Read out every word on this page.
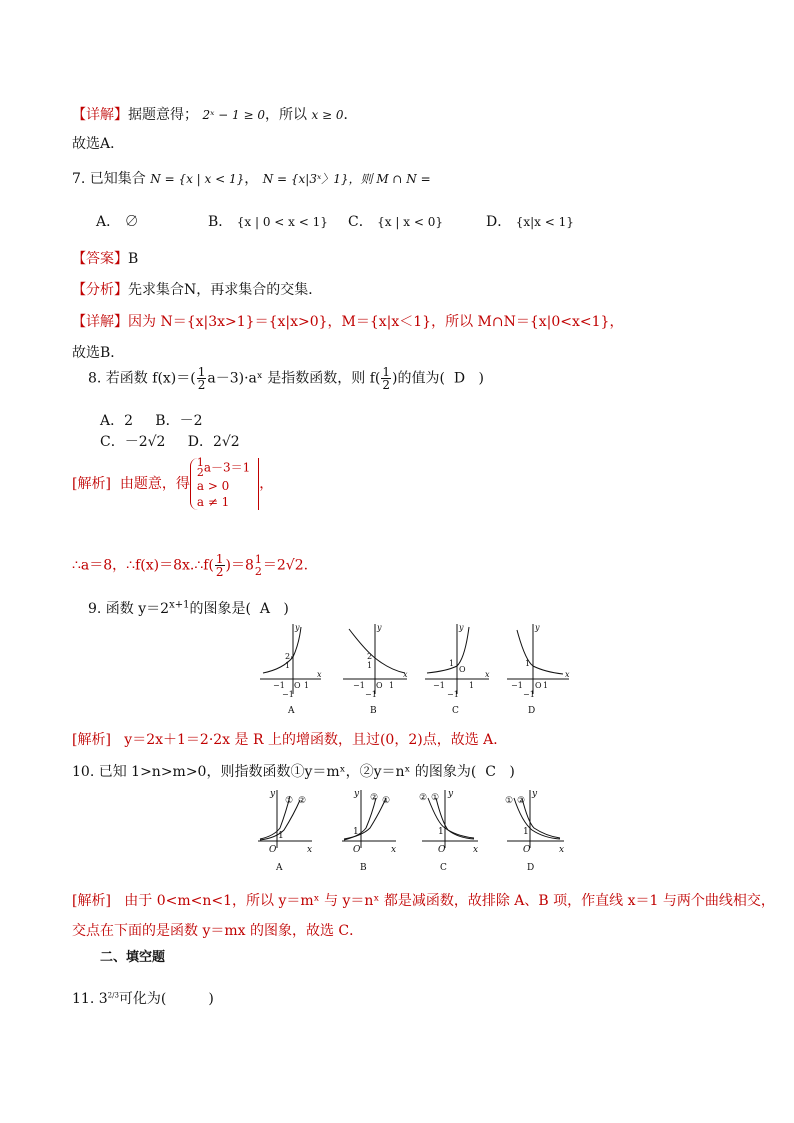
【详解】据题意得； 2ˣ − 1 ≥ 0，所以 x ≥ 0．
故选A．
7. 已知集合 N = {x | x < 1}， N = {x|3ˣ〉1}，则 M ∩ N =
A． ∅	B． {x | 0 < x < 1} C． {x | x < 0}	D． {x|x < 1}
【答案】B
【分析】先求集合N，再求集合的交集．
【详解】因为 N＝{x|3x>1}＝{x|x>0}，M＝{x|x＜1}，所以 M∩N＝{x|0<x<1}，
故选B．
8. 若函数 $f(x)=( \frac{1}{2}$ a－3)·aˣ 是指数函数，则 $f( \frac{1}{2}$ )的值为( D )
A．2 B．－2
C．－2√2 D．2√2
[解析] 由题意，得
1
2 a－3＝1
a > 0
a ≠ 1
，
∴a＝8，∴f(x)＝8x.∴f( $\frac{1}{2} )=8$ 1
2 ＝2√2.
9. 函数 $y=2^{x+1}$的图象是( A )
y
x
2
1
−1 O 1
−1
y
x
2
1
−1 O 1
−1
y
x
1
−1
O
1
−1
y
x
1
−1 O 1
−1
A	B	C	D
[解析] y＝2x＋1＝2·2x 是 R 上的增函数，且过(0，2)点，故选 A．
10. 已知 1>n>m>0，则指数函数①y＝mˣ，②y＝nˣ 的图象为( C )
y
x
① ②
1
O
y
x
② ①
1
O
y
x
② ①
1
O
y
x
① ②
1
O
A	B	C	D
[解析] 由于 0<m<n<1，所以 y＝mˣ 与 y＝nˣ 都是减函数，故排除 A、B 项，作直线 x＝1 与两个曲线相交，
交点在下面的是函数 y＝mx 的图象，故选 C．
二、填空题
11. $3^{2/3}$可化为(　　　)
